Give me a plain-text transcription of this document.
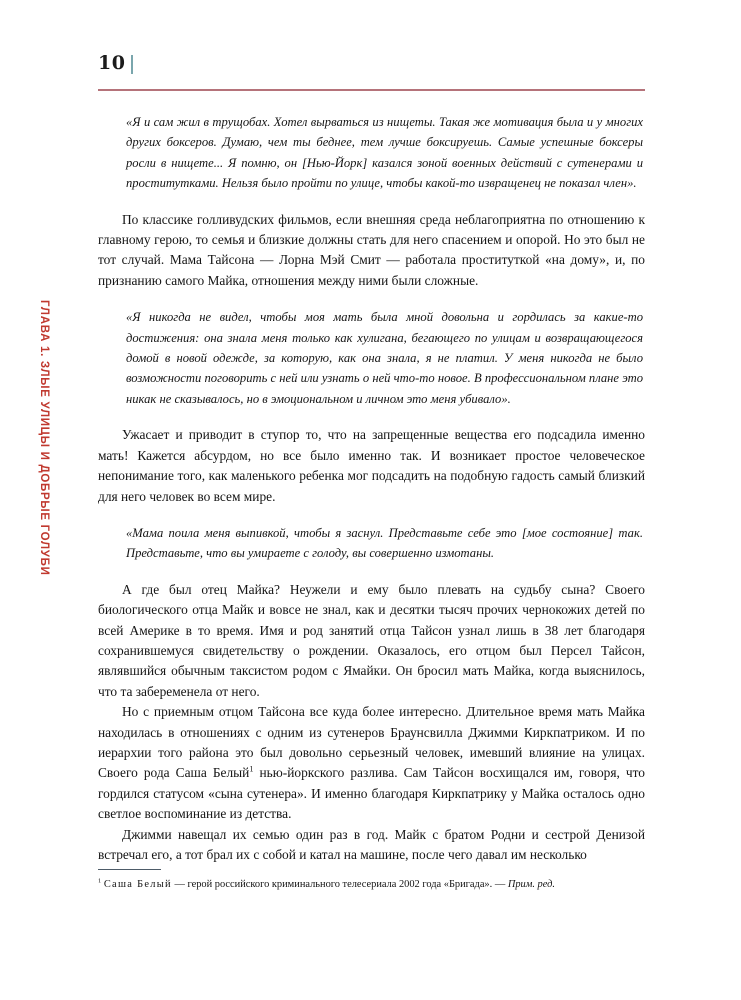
ГЛАВА 1. ЗЛЫЕ УЛИЦЫ И ДОБРЫЕ ГОЛУБИ
10

«Я и сам жил в трущобах. Хотел вырваться из нищеты. Такая же мотивация была и у многих других боксеров. Думаю, чем ты беднее, тем лучше боксируешь. Самые успешные боксеры росли в нищете... Я помню, он [Нью-Йорк] казался зоной военных действий с сутенерами и проститутками. Нельзя было пройти по улице, чтобы какой-то извращенец не показал член».

По классике голливудских фильмов, если внешняя среда неблагоприятна по отношению к главному герою, то семья и близкие должны стать для него спасением и опорой. Но это был не тот случай. Мама Тайсона — Лорна Мэй Смит — работала проституткой «на дому», и, по признанию самого Майка, отношения между ними были сложные.

«Я никогда не видел, чтобы моя мать была мной довольна и гордилась за какие-то достижения: она знала меня только как хулигана, бегающего по улицам и возвращающегося домой в новой одежде, за которую, как она знала, я не платил. У меня никогда не было возможности поговорить с ней или узнать о ней что-то новое. В профессиональном плане это никак не сказывалось, но в эмоциональном и личном это меня убивало».

Ужасает и приводит в ступор то, что на запрещенные вещества его подсадила именно мать! Кажется абсурдом, но все было именно так. И возникает простое человеческое непонимание того, как маленького ребенка мог подсадить на подобную гадость самый близкий для него человек во всем мире.

«Мама поила меня выпивкой, чтобы я заснул. Представьте себе это [мое состояние] так. Представьте, что вы умираете с голоду, вы совершенно измотаны.

А где был отец Майка? Неужели и ему было плевать на судьбу сына? Своего биологического отца Майк и вовсе не знал, как и десятки тысяч прочих чернокожих детей по всей Америке в то время. Имя и род занятий отца Тайсон узнал лишь в 38 лет благодаря сохранившемуся свидетельству о рождении. Оказалось, его отцом был Персел Тайсон, являвшийся обычным таксистом родом с Ямайки. Он бросил мать Майка, когда выяснилось, что та забеременела от него.

Но с приемным отцом Тайсона все куда более интересно. Длительное время мать Майка находилась в отношениях с одним из сутенеров Браунсвилла Джимми Киркпатриком. И по иерархии того района это был довольно серьезный человек, имевший влияние на улицах. Своего рода Саша Белый$^1$ нью-йоркского разлива. Сам Тайсон восхищался им, говоря, что гордился статусом «сына сутенера». И именно благодаря Киркпатрику у Майка осталось одно светлое воспоминание из детства.

Джимми навещал их семью один раз в год. Майк с братом Родни и сестрой Денизой встречал его, а тот брал их с собой и катал на машине, после чего давал им несколько

$^1$ Саша Белый — герой российского криминального телесериала 2002 года «Бригада». — Прим. ред.
